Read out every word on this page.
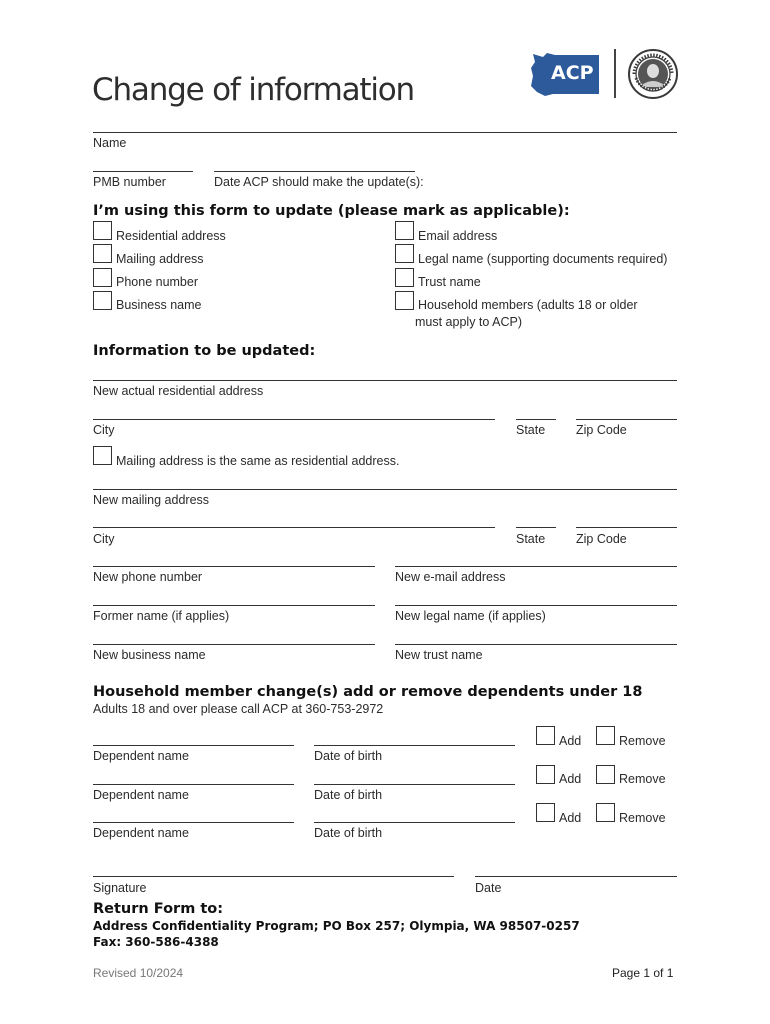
Change of information	ACP
Name
PMB number	Date ACP should make the update(s):
I’m using this form to update (please mark as applicable):
Residential address
Mailing address
Phone number
Business name
Email address
Legal name (supporting documents required)
Trust name
Household members (adults 18 or older
must apply to ACP)
Information to be updated:
New actual residential address
City	State Zip Code
Mailing address is the same as residential address.
New mailing address
City	State Zip Code
New phone number	New e-mail address
Former name (if applies)	New legal name (if applies)
New business name	New trust name
Household member change(s) add or remove dependents under 18
Adults 18 and over please call ACP at 360-753-2972
Dependent name	Date of birth
Add	Remove
Dependent name	Date of birth
Add	Remove
Dependent name	Date of birth
Add	Remove
Signature	Date
Return Form to:
Address Confidentiality Program; PO Box 257; Olympia, WA 98507-0257
Fax: 360-586-4388
Revised 10/2024	Page 1 of 1
